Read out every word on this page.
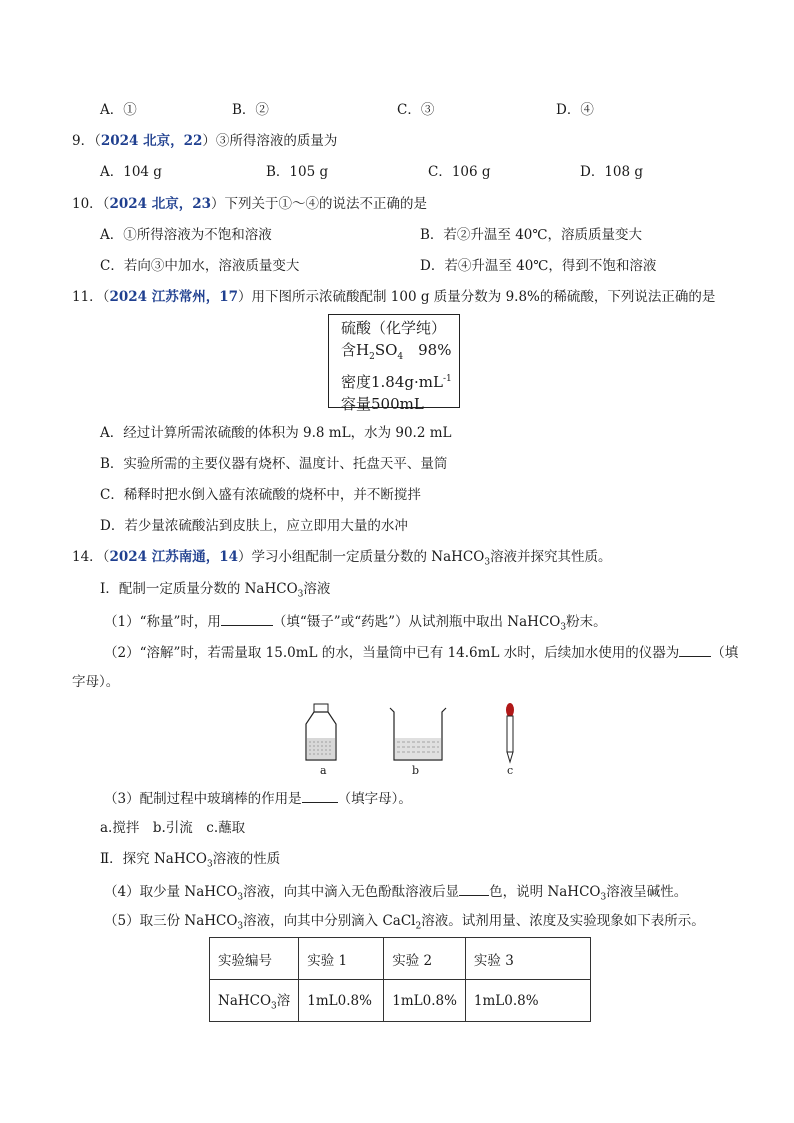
A．①	B．②	C．③	D．④
9．（2024 北京，22）③所得溶液的质量为
A．104 g	B．105 g	C．106 g	D．108 g
10．（2024 北京，23）下列关于①～④的说法不正确的是
A．①所得溶液为不饱和溶液	B．若②升温至 40℃，溶质质量变大
C．若向③中加水，溶液质量变大	D．若④升温至 40℃，得到不饱和溶液
11．（2024 江苏常州，17）用下图所示浓硫酸配制 100 g 质量分数为 9.8%的稀硫酸，下列说法正确的是
硫酸（化学纯）
含$H_2SO_4$　98%
密度$1.84g\cdot mL^{-1}$
容量500mL
A．经过计算所需浓硫酸的体积为 9.8 mL，水为 90.2 mL
B．实验所需的主要仪器有烧杯、温度计、托盘天平、量筒
C．稀释时把水倒入盛有浓硫酸的烧杯中，并不断搅拌
D．若少量浓硫酸沾到皮肤上，应立即用大量的水冲
14．（2024 江苏南通，14）学习小组配制一定质量分数的 NaHCO$_3$溶液并探究其性质。
Ⅰ．配制一定质量分数的 NaHCO$_3$溶液
（1）“称量”时，用	（填“镊子”或“药匙”）从试剂瓶中取出 NaHCO$_3$粉末。
（2）“溶解”时，若需量取 15.0mL 的水，当量筒中已有 14.6mL 水时，后续加水使用的仪器为 （填
字母）。
a	b	c
（3）配制过程中玻璃棒的作用是	（填字母）。
a.搅拌　b.引流　c.蘸取
Ⅱ．探究 NaHCO$_3$溶液的性质
（4）取少量 NaHCO$_3$溶液，向其中滴入无色酚酞溶液后显 色，说明 NaHCO$_3$溶液呈碱性。
（5）取三份 NaHCO$_3$溶液，向其中分别滴入 CaCl$_2$溶液。试剂用量、浓度及实验现象如下表所示。
实验编号	实验 1	实验 2	实验 3
NaHCO$_3$溶	1mL0.8%	1mL0.8%	1mL0.8%
